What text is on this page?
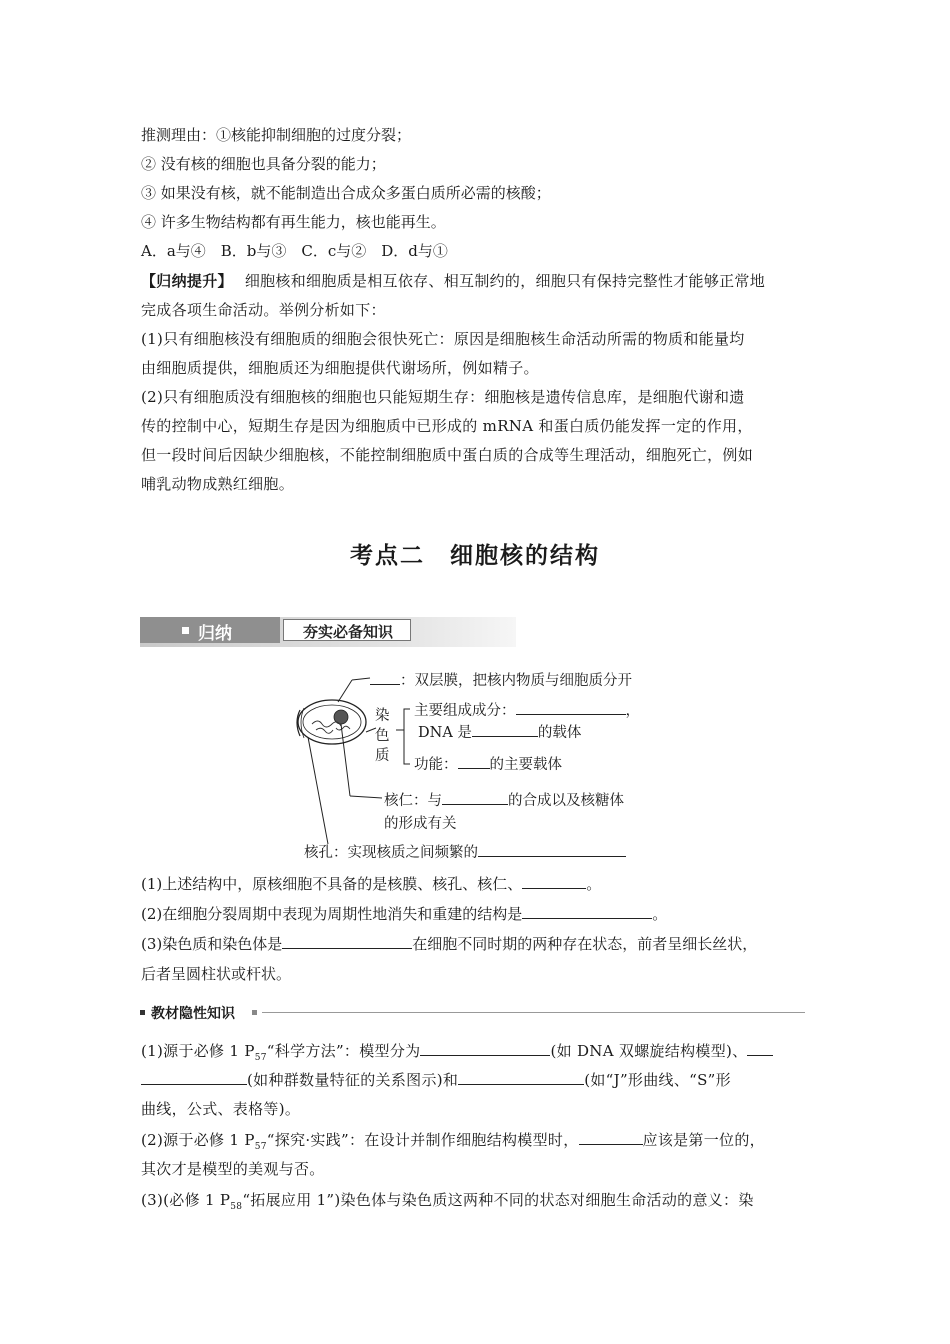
推测理由：①核能抑制细胞的过度分裂；
② 没有核的细胞也具备分裂的能力；
③ 如果没有核，就不能制造出合成众多蛋白质所必需的核酸；
④ 许多生物结构都有再生能力，核也能再生。
A．a与④　B．b与③　C．c与②　D．d与①
【归纳提升】 细胞核和细胞质是相互依存、相互制约的，细胞只有保持完整性才能够正常地
完成各项生命活动。举例分析如下：
(1)只有细胞核没有细胞质的细胞会很快死亡：原因是细胞核生命活动所需的物质和能量均
由细胞质提供，细胞质还为细胞提供代谢场所，例如精子。
(2)只有细胞质没有细胞核的细胞也只能短期生存：细胞核是遗传信息库，是细胞代谢和遗
传的控制中心，短期生存是因为细胞质中已形成的 mRNA 和蛋白质仍能发挥一定的作用，
但一段时间后因缺少细胞核，不能控制细胞质中蛋白质的合成等生理活动，细胞死亡，例如
哺乳动物成熟红细胞。
考点二　细胞核的结构
归纳	夯实必备知识
：双层膜，把核内物质与细胞质分开
染色质
主要组成成分：	，
DNA 是	的载体
功能： 的主要载体
核仁：与	的合成以及核糖体
的形成有关
核孔：实现核质之间频繁的
(1)上述结构中，原核细胞不具备的是核膜、核孔、核仁、	。
(2)在细胞分裂周期中表现为周期性地消失和重建的结构是	。
(3)染色质和染色体是	在细胞不同时期的两种存在状态，前者呈细长丝状，
后者呈圆柱状或杆状。
教材隐性知识
(1)源于必修 1 $P_{57}“$科学方法”：模型分为	(如 DNA 双螺旋结构模型)、
(如种群数量特征的关系图示)和	(如“J”形曲线、“S”形
曲线，公式、表格等)。
(2)源于必修 1 $P_{57}“$探究·实践”：在设计并制作细胞结构模型时，	应该是第一位的，
其次才是模型的美观与否。
(3)(必修 1 $P_{58}“$拓展应用 1”)染色体与染色质这两种不同的状态对细胞生命活动的意义：染
